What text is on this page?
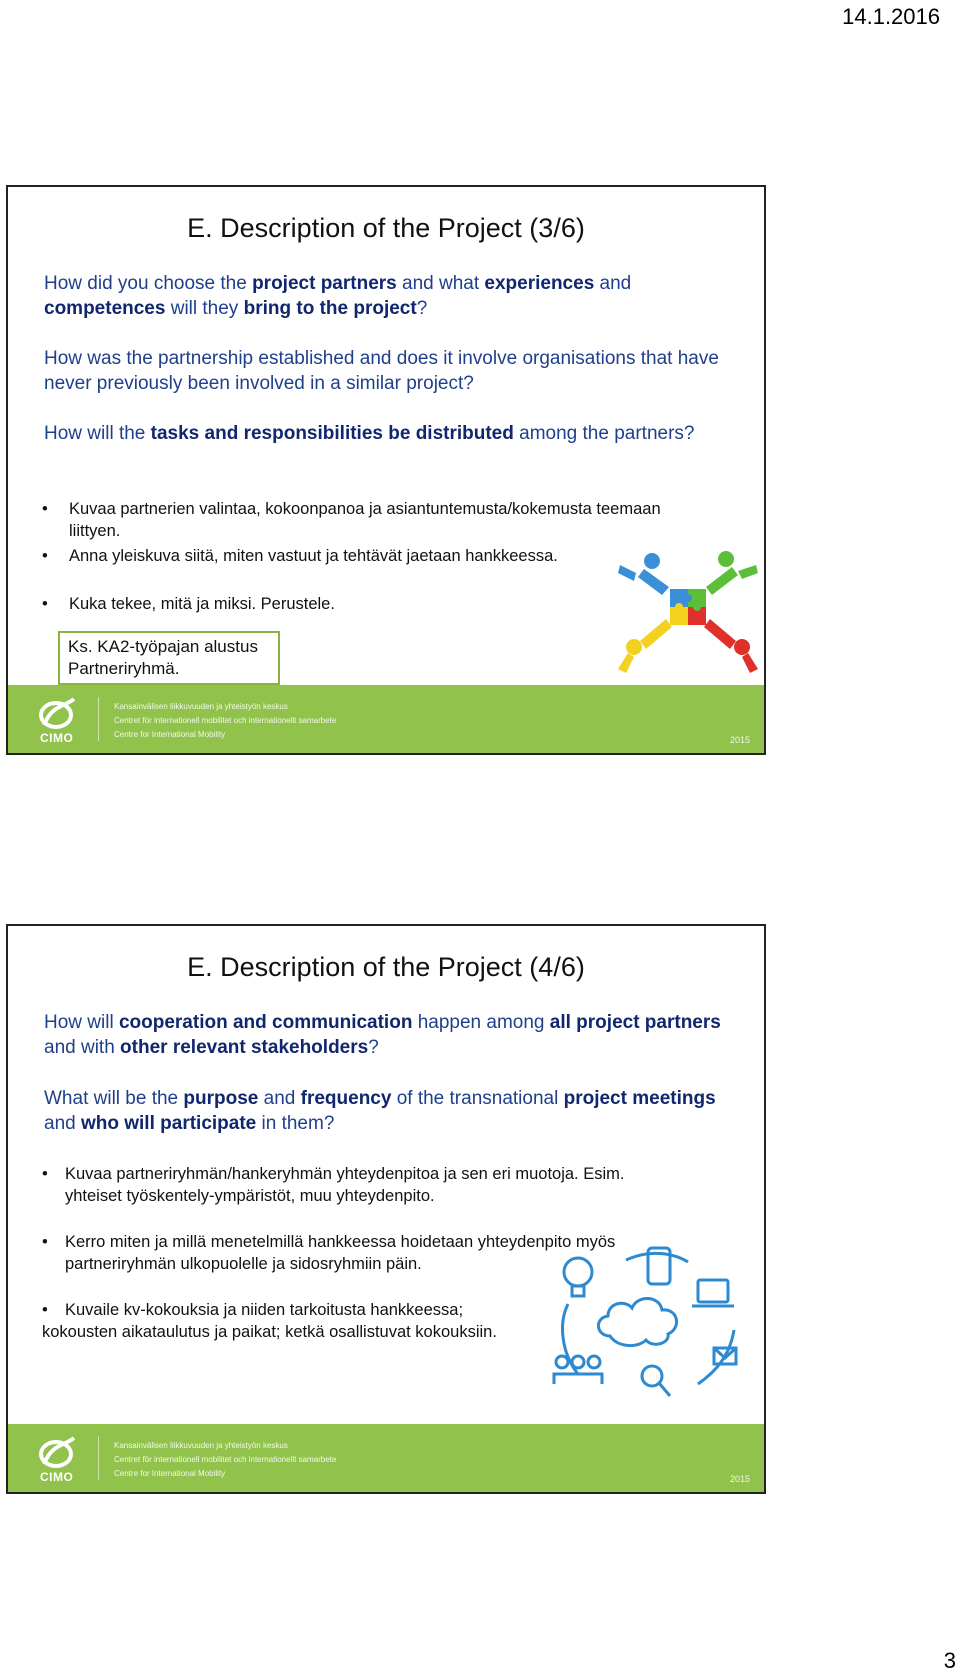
14.1.2016
E. Description of the Project (3/6)
How did you choose the project partners and what experiences and competences will they bring to the project?
How was the partnership established and does it involve organisations that have never previously been involved in a similar project?
How will the tasks and responsibilities be distributed among the partners?
•	Kuvaa partnerien valintaa, kokoonpanoa ja asiantuntemusta/kokemusta teemaan liittyen.
•	Anna yleiskuva siitä, miten vastuut ja tehtävät jaetaan hankkeessa.
•	Kuka tekee, mitä ja miksi. Perustele.
Ks. KA2-työpajan alustus
Partneriryhmä.
CIMO
Kansainvälisen liikkuvuuden ja yhteistyön keskus
Centret för internationell mobilitet och internationellt samarbete
Centre for International Mobility
2015
E. Description of the Project (4/6)
How will cooperation and communication happen among all project partners and with other relevant stakeholders?
What will be the purpose and frequency of the transnational project meetings and who will participate in them?
•	Kuvaa partneriryhmän/hankeryhmän yhteydenpitoa ja sen eri muotoja. Esim. yhteiset työskentely-ympäristöt, muu yhteydenpito.
•	Kerro miten ja millä menetelmillä hankkeessa hoidetaan yhteydenpito myös partneriryhmän ulkopuolelle ja sidosryhmiin päin.
•	Kuvaile kv-kokouksia ja niiden tarkoitusta hankkeessa;
kokousten aikataulutus ja paikat; ketkä osallistuvat kokouksiin.
CIMO
Kansainvälisen liikkuvuuden ja yhteistyön keskus
Centret för internationell mobilitet och internationellt samarbete
Centre for International Mobility
2015
3
